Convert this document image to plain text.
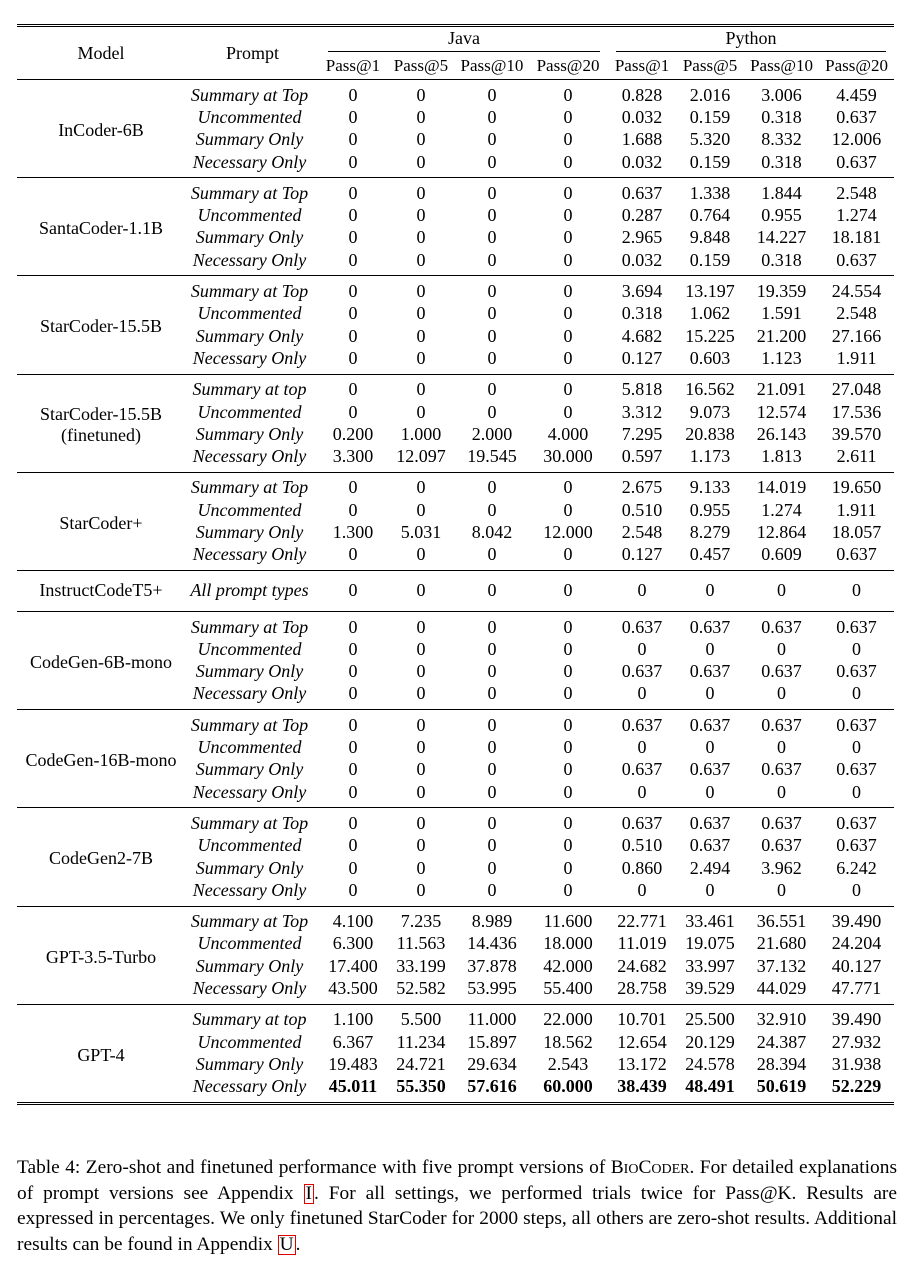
Model	Prompt	Java				Python			

		Pass@1	Pass@5	Pass@10	Pass@20	Pass@1	Pass@5	Pass@10	Pass@20

InCoder-6B	Summary at Top	0	0	0	0	0.828	2.016	3.006	4.459
	Uncommented	0	0	0	0	0.032	0.159	0.318	0.637
	Summary Only	0	0	0	0	1.688	5.320	8.332	12.006
	Necessary Only	0	0	0	0	0.032	0.159	0.318	0.637

SantaCoder-1.1B	Summary at Top	0	0	0	0	0.637	1.338	1.844	2.548
	Uncommented	0	0	0	0	0.287	0.764	0.955	1.274
	Summary Only	0	0	0	0	2.965	9.848	14.227	18.181
	Necessary Only	0	0	0	0	0.032	0.159	0.318	0.637

StarCoder-15.5B	Summary at Top	0	0	0	0	3.694	13.197	19.359	24.554
	Uncommented	0	0	0	0	0.318	1.062	1.591	2.548
	Summary Only	0	0	0	0	4.682	15.225	21.200	27.166
	Necessary Only	0	0	0	0	0.127	0.603	1.123	1.911

StarCoder-15.5B
(finetuned)	Summary at top	0	0	0	0	5.818	16.562	21.091	27.048
	Uncommented	0	0	0	0	3.312	9.073	12.574	17.536
	Summary Only	0.200	1.000	2.000	4.000	7.295	20.838	26.143	39.570
	Necessary Only	3.300	12.097	19.545	30.000	0.597	1.173	1.813	2.611

StarCoder+	Summary at Top	0	0	0	0	2.675	9.133	14.019	19.650
	Uncommented	0	0	0	0	0.510	0.955	1.274	1.911
	Summary Only	1.300	5.031	8.042	12.000	2.548	8.279	12.864	18.057
	Necessary Only	0	0	0	0	0.127	0.457	0.609	0.637

InstructCodeT5+	All prompt types	0	0	0	0	0	0	0	0

CodeGen-6B-mono	Summary at Top	0	0	0	0	0.637	0.637	0.637	0.637
	Uncommented	0	0	0	0	0	0	0	0
	Summary Only	0	0	0	0	0.637	0.637	0.637	0.637
	Necessary Only	0	0	0	0	0	0	0	0

CodeGen-16B-mono	Summary at Top	0	0	0	0	0.637	0.637	0.637	0.637
	Uncommented	0	0	0	0	0	0	0	0
	Summary Only	0	0	0	0	0.637	0.637	0.637	0.637
	Necessary Only	0	0	0	0	0	0	0	0

CodeGen2-7B	Summary at Top	0	0	0	0	0.637	0.637	0.637	0.637
	Uncommented	0	0	0	0	0.510	0.637	0.637	0.637
	Summary Only	0	0	0	0	0.860	2.494	3.962	6.242
	Necessary Only	0	0	0	0	0	0	0	0

GPT-3.5-Turbo	Summary at Top	4.100	7.235	8.989	11.600	22.771	33.461	36.551	39.490
	Uncommented	6.300	11.563	14.436	18.000	11.019	19.075	21.680	24.204
	Summary Only	17.400	33.199	37.878	42.000	24.682	33.997	37.132	40.127
	Necessary Only	43.500	52.582	53.995	55.400	28.758	39.529	44.029	47.771

GPT-4	Summary at top	1.100	5.500	11.000	22.000	10.701	25.500	32.910	39.490
	Uncommented	6.367	11.234	15.897	18.562	12.654	20.129	24.387	27.932
	Summary Only	19.483	24.721	29.634	2.543	13.172	24.578	28.394	31.938
	Necessary Only	45.011	55.350	57.616	60.000	38.439	48.491	50.619	52.229
Table 4: Zero-shot and finetuned performance with five prompt versions of BioCoder. For detailed explanations of prompt versions see Appendix I . For all settings, we performed trials twice for Pass@K. Results are expressed in percentages. We only finetuned StarCoder for 2000 steps, all others are zero-shot results. Additional results can be found in Appendix U .
